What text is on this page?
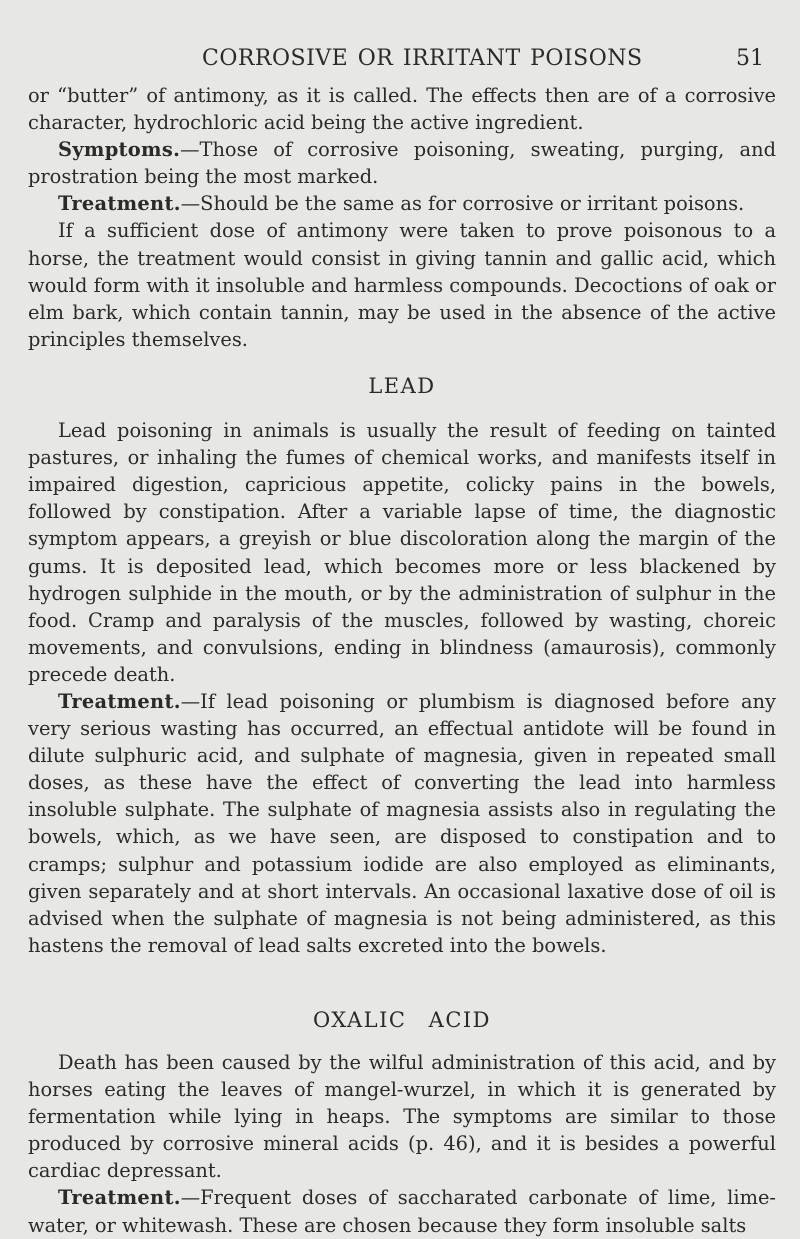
CORROSIVE OR IRRITANT POISONS	51

or “butter” of antimony, as it is called. The effects then are of a corrosive character, hydrochloric acid being the active ingredient.

Symptoms.—Those of corrosive poisoning, sweating, purging, and prostration being the most marked.

Treatment.—Should be the same as for corrosive or irritant poisons.

If a sufficient dose of antimony were taken to prove poisonous to a horse, the treatment would consist in giving tannin and gallic acid, which would form with it insoluble and harmless compounds. Decoctions of oak or elm bark, which contain tannin, may be used in the absence of the active principles themselves.

LEAD

Lead poisoning in animals is usually the result of feeding on tainted pastures, or inhaling the fumes of chemical works, and manifests itself in impaired digestion, capricious appetite, colicky pains in the bowels, followed by constipation. After a variable lapse of time, the diagnostic symptom appears, a greyish or blue discoloration along the margin of the gums. It is deposited lead, which becomes more or less blackened by hydrogen sulphide in the mouth, or by the administration of sulphur in the food. Cramp and paralysis of the muscles, followed by wasting, choreic movements, and convulsions, ending in blindness (amaurosis), commonly precede death.

Treatment.—If lead poisoning or plumbism is diagnosed before any very serious wasting has occurred, an effectual antidote will be found in dilute sulphuric acid, and sulphate of magnesia, given in repeated small doses, as these have the effect of converting the lead into harmless insoluble sulphate. The sulphate of magnesia assists also in regulating the bowels, which, as we have seen, are disposed to constipation and to cramps; sulphur and potassium iodide are also employed as eliminants, given separately and at short intervals. An occasional laxative dose of oil is advised when the sulphate of magnesia is not being administered, as this hastens the removal of lead salts excreted into the bowels.

OXALIC ACID

Death has been caused by the wilful administration of this acid, and by horses eating the leaves of mangel-wurzel, in which it is generated by fermentation while lying in heaps. The symptoms are similar to those produced by corrosive mineral acids (p. 46), and it is besides a powerful cardiac depressant.

Treatment.—Frequent doses of saccharated carbonate of lime, lime-water, or whitewash. These are chosen because they form insoluble salts
